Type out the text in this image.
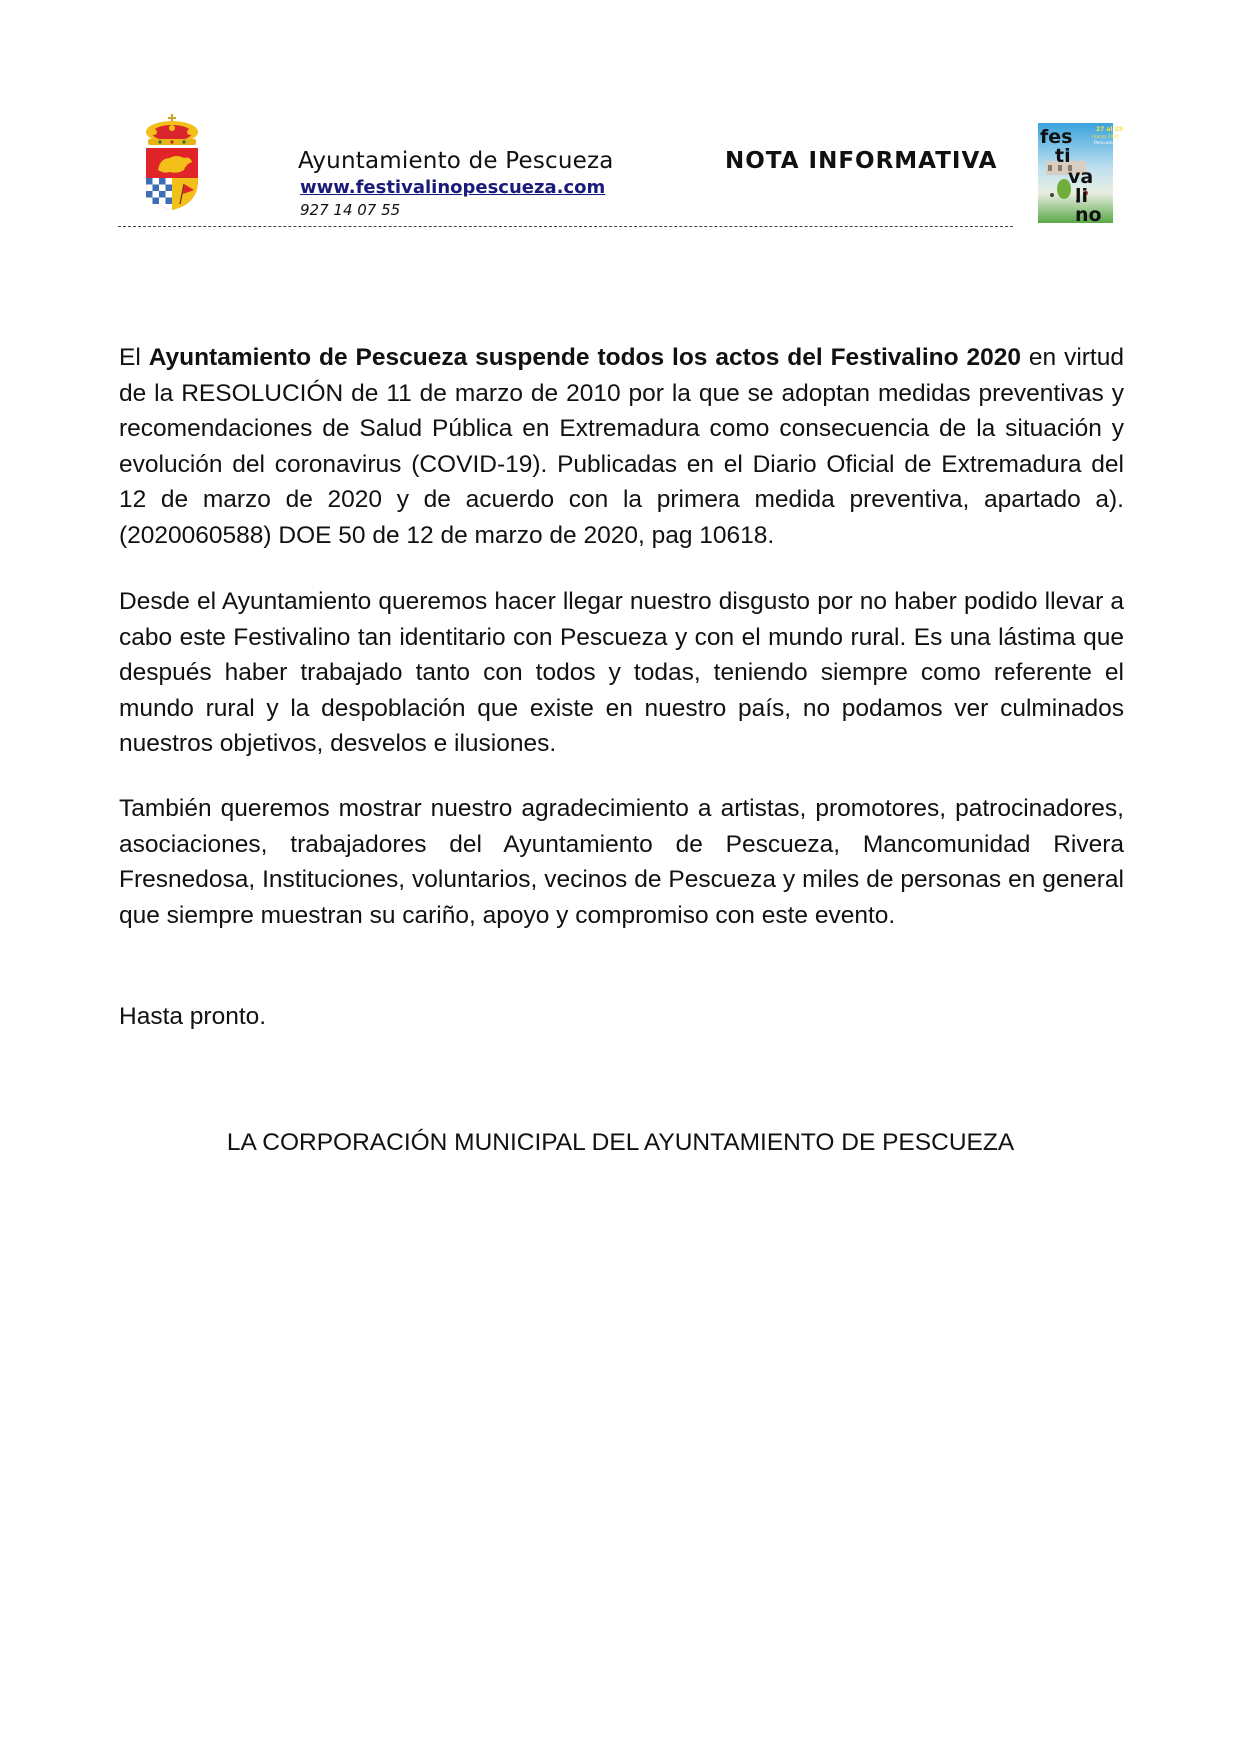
Ayuntamiento de Pescueza
www.festivalinopescueza.com
927 14 07 55
NOTA INFORMATIVA
27 al 29
marzo 2020
Pescueza
fes
ti
va
li
no

El Ayuntamiento de Pescueza suspende todos los actos del Festivalino 2020 en virtud de la RESOLUCIÓN de 11 de marzo de 2010 por la que se adoptan medidas preventivas y recomendaciones de Salud Pública en Extremadura como consecuencia de la situación y evolución del coronavirus (COVID-19). Publicadas en el Diario Oficial de Extremadura del 12 de marzo de 2020 y de acuerdo con la primera medida preventiva, apartado a). (2020060588) DOE 50 de 12 de marzo de 2020, pag 10618.

Desde el Ayuntamiento queremos hacer llegar nuestro disgusto por no haber podido llevar a cabo este Festivalino tan identitario con Pescueza y con el mundo rural. Es una lástima que después haber trabajado tanto con todos y todas, teniendo siempre como referente el mundo rural y la despoblación que existe en nuestro país, no podamos ver culminados nuestros objetivos, desvelos e ilusiones.

También queremos mostrar nuestro agradecimiento a artistas, promotores, patrocinadores, asociaciones, trabajadores del Ayuntamiento de Pescueza, Mancomunidad Rivera Fresnedosa, Instituciones, voluntarios, vecinos de Pescueza y miles de personas en general que siempre muestran su cariño, apoyo y compromiso con este evento.

Hasta pronto.

LA CORPORACIÓN MUNICIPAL DEL AYUNTAMIENTO DE PESCUEZA
